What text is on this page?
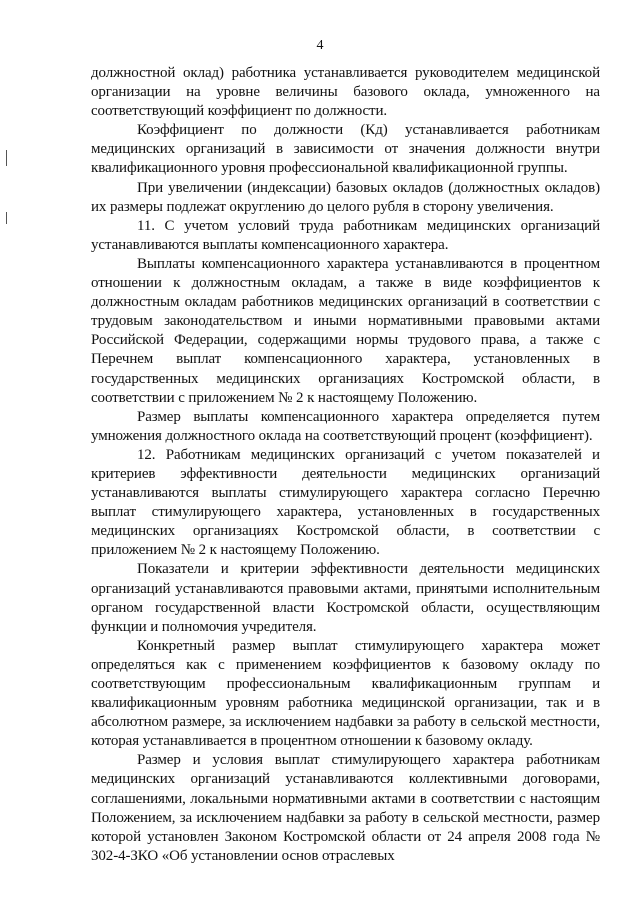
4

должностной оклад) работника устанавливается руководителем медицинской организации на уровне величины базового оклада, умноженного на соответствующий коэффициент по должности.

Коэффициент по должности (Кд) устанавливается работникам медицинских организаций в зависимости от значения должности внутри квалификационного уровня профессиональной квалификационной группы.

При увеличении (индексации) базовых окладов (должностных окладов) их размеры подлежат округлению до целого рубля в сторону увеличения.

11. С учетом условий труда работникам медицинских организаций устанавливаются выплаты компенсационного характера.

Выплаты компенсационного характера устанавливаются в процентном отношении к должностным окладам, а также в виде коэффициентов к должностным окладам работников медицинских организаций в соответствии с трудовым законодательством и иными нормативными правовыми актами Российской Федерации, содержащими нормы трудового права, а также с Перечнем выплат компенсационного характера, установленных в государственных медицинских организациях Костромской области, в соответствии с приложением № 2 к настоящему Положению.

Размер выплаты компенсационного характера определяется путем умножения должностного оклада на соответствующий процент (коэффициент).

12. Работникам медицинских организаций с учетом показателей и критериев эффективности деятельности медицинских организаций устанавливаются выплаты стимулирующего характера согласно Перечню выплат стимулирующего характера, установленных в государственных медицинских организациях Костромской области, в соответствии с приложением № 2 к настоящему Положению.

Показатели и критерии эффективности деятельности медицинских организаций устанавливаются правовыми актами, принятыми исполнительным органом государственной власти Костромской области, осуществляющим функции и полномочия учредителя.

Конкретный размер выплат стимулирующего характера может определяться как с применением коэффициентов к базовому окладу по соответствующим профессиональным квалификационным группам и квалификационным уровням работника медицинской организации, так и в абсолютном размере, за исключением надбавки за работу в сельской местности, которая устанавливается в процентном отношении к базовому окладу.

Размер и условия выплат стимулирующего характера работникам медицинских организаций устанавливаются коллективными договорами, соглашениями, локальными нормативными актами в соответствии с настоящим Положением, за исключением надбавки за работу в сельской местности, размер которой установлен Законом Костромской области от 24 апреля 2008 года № 302-4-ЗКО «Об установлении основ отраслевых
